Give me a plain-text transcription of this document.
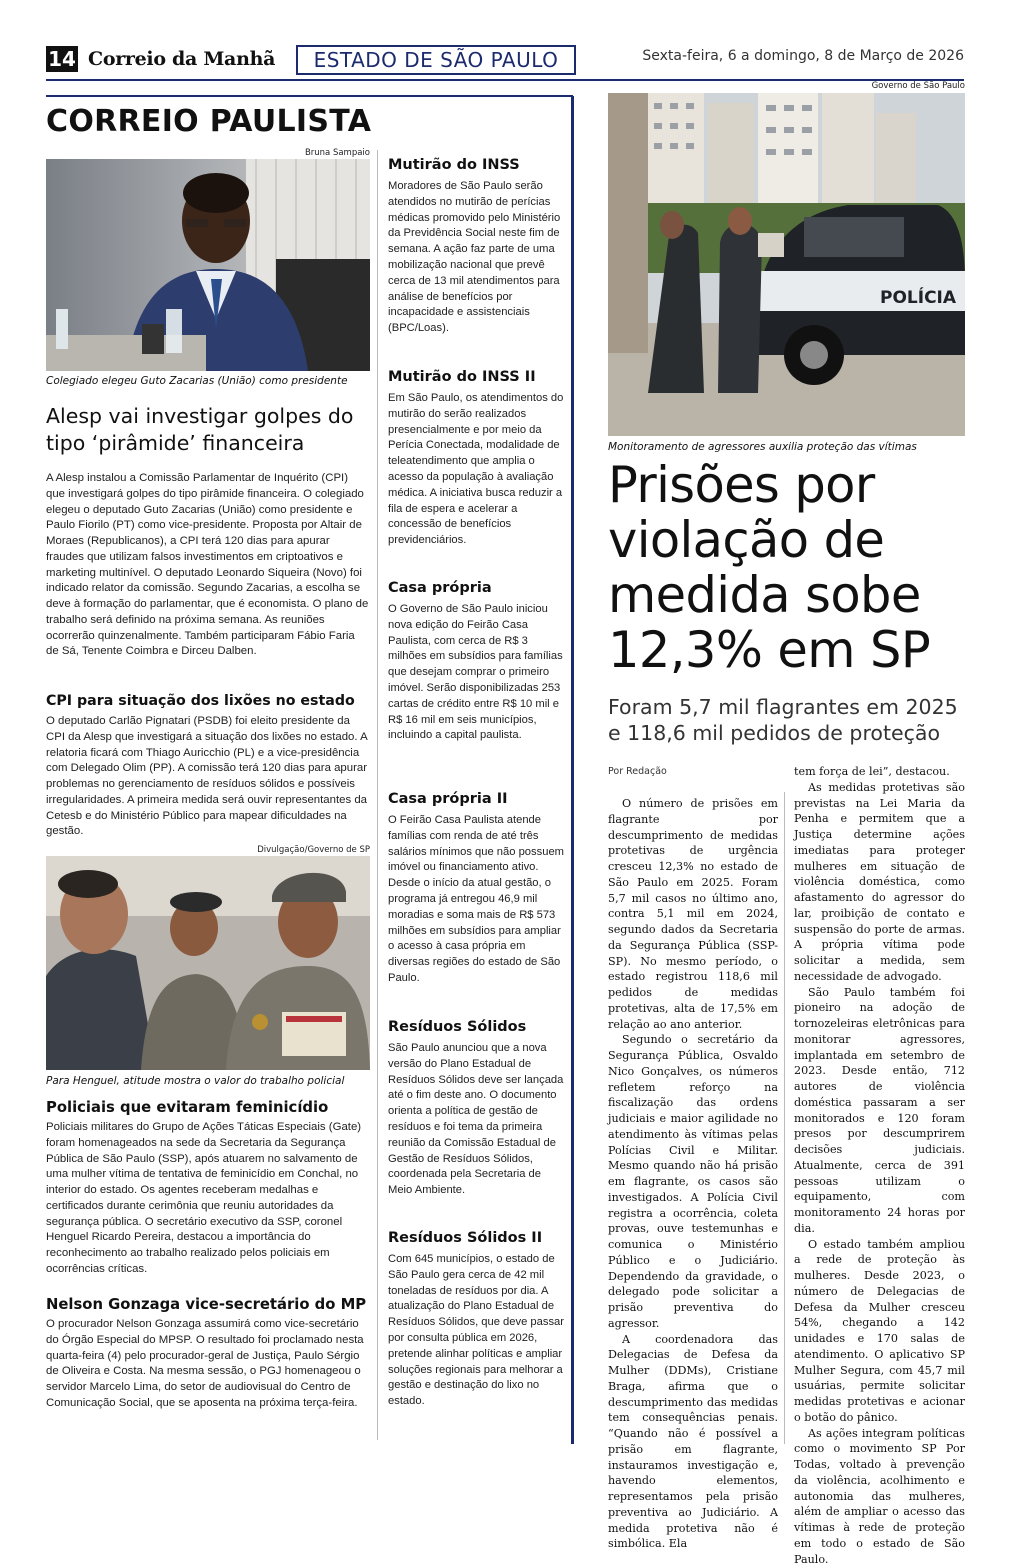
14 Correio da Manhã	ESTADO DE SÃO PAULO	Sexta-feira, 6 a domingo, 8 de Março de 2026
CORREIO PAULISTA
Bruna Sampaio
Colegiado elegeu Guto Zacarias (União) como presidente
Alesp vai investigar golpes do tipo ‘pirâmide’ financeira
A Alesp instalou a Comissão Parlamentar de Inquérito (CPI) que investigará golpes do tipo pirâmide financeira. O colegiado elegeu o deputado Guto Zacarias (União) como presidente e Paulo Fiorilo (PT) como vice-presidente. Proposta por Altair de Moraes (Republicanos), a CPI terá 120 dias para apurar fraudes que utilizam falsos investimentos em criptoativos e marketing multinível. O deputado Leonardo Siqueira (Novo) foi indicado relator da comissão. Segundo Zacarias, a escolha se deve à formação do parlamentar, que é economista. O plano de trabalho será definido na próxima semana. As reuniões ocorrerão quinzenalmente. Também participaram Fábio Faria de Sá, Tenente Coimbra e Dirceu Dalben.
CPI para situação dos lixões no estado
O deputado Carlão Pignatari (PSDB) foi eleito presidente da CPI da Alesp que investigará a situação dos lixões no estado. A relatoria ficará com Thiago Auricchio (PL) e a vice-presidência com Delegado Olim (PP). A comissão terá 120 dias para apurar problemas no gerenciamento de resíduos sólidos e possíveis irregularidades. A primeira medida será ouvir representantes da Cetesb e do Ministério Público para mapear dificuldades na gestão.
Divulgação/Governo de SP
Para Henguel, atitude mostra o valor do trabalho policial
Policiais que evitaram feminicídio
Policiais militares do Grupo de Ações Táticas Especiais (Gate) foram homenageados na sede da Secretaria da Segurança Pública de São Paulo (SSP), após atuarem no salvamento de uma mulher vítima de tentativa de feminicídio em Conchal, no interior do estado. Os agentes receberam medalhas e certificados durante cerimônia que reuniu autoridades da segurança pública. O secretário executivo da SSP, coronel Henguel Ricardo Pereira, destacou a importância do reconhecimento ao trabalho realizado pelos policiais em ocorrências críticas.
Nelson Gonzaga vice-secretário do MP
O procurador Nelson Gonzaga assumirá como vice-secretário do Órgão Especial do MPSP. O resultado foi proclamado nesta quarta-feira (4) pelo procurador-geral de Justiça, Paulo Sérgio de Oliveira e Costa. Na mesma sessão, o PGJ homenageou o servidor Marcelo Lima, do setor de audiovisual do Centro de Comunicação Social, que se aposenta na próxima terça-feira.
Mutirão do INSS
Moradores de São Paulo serão atendidos no mutirão de perícias médicas promovido pelo Ministério da Previdência Social neste fim de semana. A ação faz parte de uma mobilização nacional que prevê cerca de 13 mil atendimentos para análise de benefícios por incapacidade e assistenciais (BPC/Loas).
Mutirão do INSS II
Em São Paulo, os atendimentos do mutirão do serão realizados presencialmente e por meio da Perícia Conectada, modalidade de teleatendimento que amplia o acesso da população à avaliação médica. A iniciativa busca reduzir a fila de espera e acelerar a concessão de benefícios previdenciários.
Casa própria
O Governo de São Paulo iniciou nova edição do Feirão Casa Paulista, com cerca de R$ 3 milhões em subsídios para famílias que desejam comprar o primeiro imóvel. Serão disponibilizadas 253 cartas de crédito entre R$ 10 mil e R$ 16 mil em seis municípios, incluindo a capital paulista.
Casa própria II
O Feirão Casa Paulista atende famílias com renda de até três salários mínimos que não possuem imóvel ou financiamento ativo. Desde o início da atual gestão, o programa já entregou 46,9 mil moradias e soma mais de R$ 573 milhões em subsídios para ampliar o acesso à casa própria em diversas regiões do estado de São Paulo.
Resíduos Sólidos
São Paulo anunciou que a nova versão do Plano Estadual de Resíduos Sólidos deve ser lançada até o fim deste ano. O documento orienta a política de gestão de resíduos e foi tema da primeira reunião da Comissão Estadual de Gestão de Resíduos Sólidos, coordenada pela Secretaria de Meio Ambiente.
Resíduos Sólidos II
Com 645 municípios, o estado de São Paulo gera cerca de 42 mil toneladas de resíduos por dia. A atualização do Plano Estadual de Resíduos Sólidos, que deve passar por consulta pública em 2026, pretende alinhar políticas e ampliar soluções regionais para melhorar a gestão e destinação do lixo no estado.
Governo de São Paulo
POLÍCIA
Monitoramento de agressores auxilia proteção das vítimas
Prisões por violação de medida sobe 12,3% em SP
Foram 5,7 mil flagrantes em 2025 e 118,6 mil pedidos de proteção
Por Redação

O número de prisões em flagrante por descumprimento de medidas protetivas de urgência cresceu 12,3% no estado de São Paulo em 2025. Foram 5,7 mil casos no último ano, contra 5,1 mil em 2024, segundo dados da Secretaria da Segurança Pública (SSP-SP). No mesmo período, o estado registrou 118,6 mil pedidos de medidas protetivas, alta de 17,5% em relação ao ano anterior.

Segundo o secretário da Segurança Pública, Osvaldo Nico Gonçalves, os números refletem reforço na fiscalização das ordens judiciais e maior agilidade no atendimento às vítimas pelas Polícias Civil e Militar. Mesmo quando não há prisão em flagrante, os casos são investigados. A Polícia Civil registra a ocorrência, coleta provas, ouve testemunhas e comunica o Ministério Público e o Judiciário. Dependendo da gravidade, o delegado pode solicitar a prisão preventiva do agressor.

A coordenadora das Delegacias de Defesa da Mulher (DDMs), Cristiane Braga, afirma que o descumprimento das medidas tem consequências penais. “Quando não é possível a prisão em flagrante, instauramos investigação e, havendo elementos, representamos pela prisão preventiva ao Judiciário. A medida protetiva não é simbólica. Ela

tem força de lei”, destacou.

As medidas protetivas são previstas na Lei Maria da Penha e permitem que a Justiça determine ações imediatas para proteger mulheres em situação de violência doméstica, como afastamento do agressor do lar, proibição de contato e suspensão do porte de armas. A própria vítima pode solicitar a medida, sem necessidade de advogado.

São Paulo também foi pioneiro na adoção de tornozeleiras eletrônicas para monitorar agressores, implantada em setembro de 2023. Desde então, 712 autores de violência doméstica passaram a ser monitorados e 120 foram presos por descumprirem decisões judiciais. Atualmente, cerca de 391 pessoas utilizam o equipamento, com monitoramento 24 horas por dia.

O estado também ampliou a rede de proteção às mulheres. Desde 2023, o número de Delegacias de Defesa da Mulher cresceu 54%, chegando a 142 unidades e 170 salas de atendimento. O aplicativo SP Mulher Segura, com 45,7 mil usuárias, permite solicitar medidas protetivas e acionar o botão do pânico.

As ações integram políticas como o movimento SP Por Todas, voltado à prevenção da violência, acolhimento e autonomia das mulheres, além de ampliar o acesso das vítimas à rede de proteção em todo o estado de São Paulo.
